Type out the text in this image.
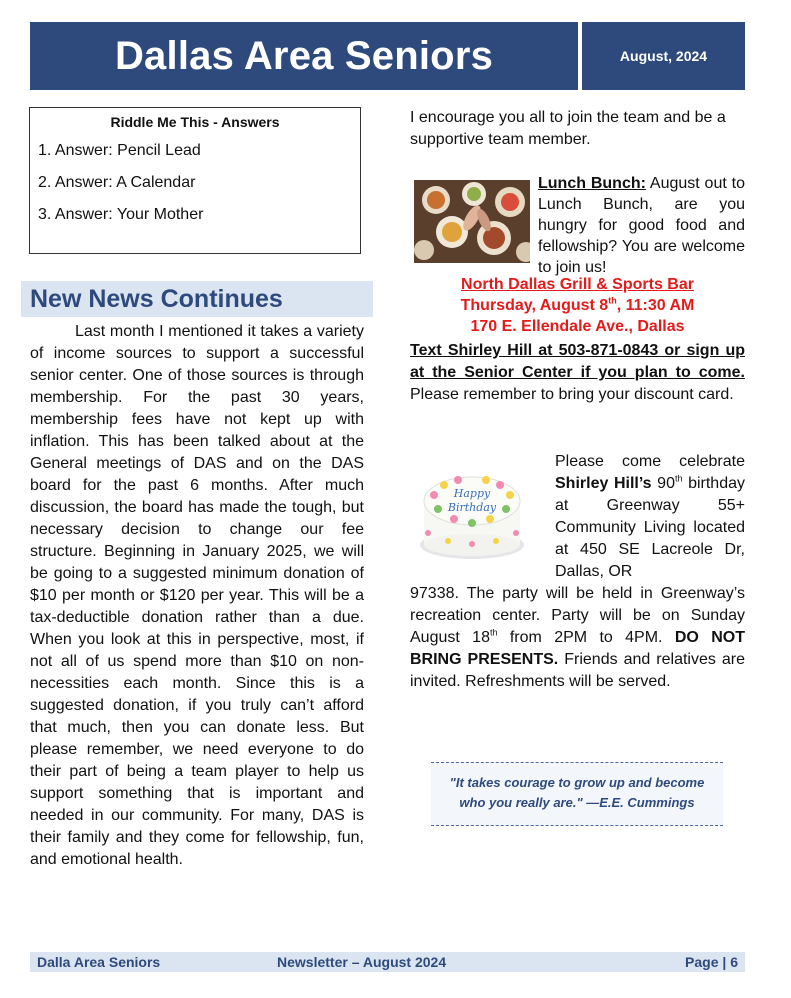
Dallas Area Seniors	August, 2024
Riddle Me This - Answers
1. Answer: Pencil Lead
2. Answer: A Calendar
3. Answer: Your Mother
New News Continues

Last month I mentioned it takes a variety of income sources to support a successful senior center. One of those sources is through membership. For the past 30 years, membership fees have not kept up with inflation. This has been talked about at the General meetings of DAS and on the DAS board for the past 6 months. After much discussion, the board has made the tough, but necessary decision to change our fee structure. Beginning in January 2025, we will be going to a suggested minimum donation of $10 per month or $120 per year. This will be a tax-deductible donation rather than a due. When you look at this in perspective, most, if not all of us spend more than $10 on non-necessities each month. Since this is a suggested donation, if you truly can’t afford that much, then you can donate less. But please remember, we need everyone to do their part of being a team player to help us support something that is important and needed in our community. For many, DAS is their family and they come for fellowship, fun, and emotional health.

I encourage you all to join the team and be a supportive team member.
Lunch Bunch: August out to Lunch Bunch, are you hungry for good food and fellowship? You are welcome to join us!
North Dallas Grill & Sports Bar
Thursday, August 8th, 11:30 AM
170 E. Ellendale Ave., Dallas
Text Shirley Hill at 503-871-0843 or sign up at the Senior Center if you plan to come. Please remember to bring your discount card.
Happy
Birthday
Please come celebrate Shirley Hill’s 90th birthday at Greenway 55+ Community Living located at 450 SE Lacreole Dr, Dallas, OR
97338. The party will be held in Greenway’s recreation center. Party will be on Sunday August 18th from 2PM to 4PM. DO NOT BRING PRESENTS. Friends and relatives are invited. Refreshments will be served.
"It takes courage to grow up and become
who you really are." —E.E. Cummings
Dalla Area Seniors	Newsletter – August 2024	Page | 6
